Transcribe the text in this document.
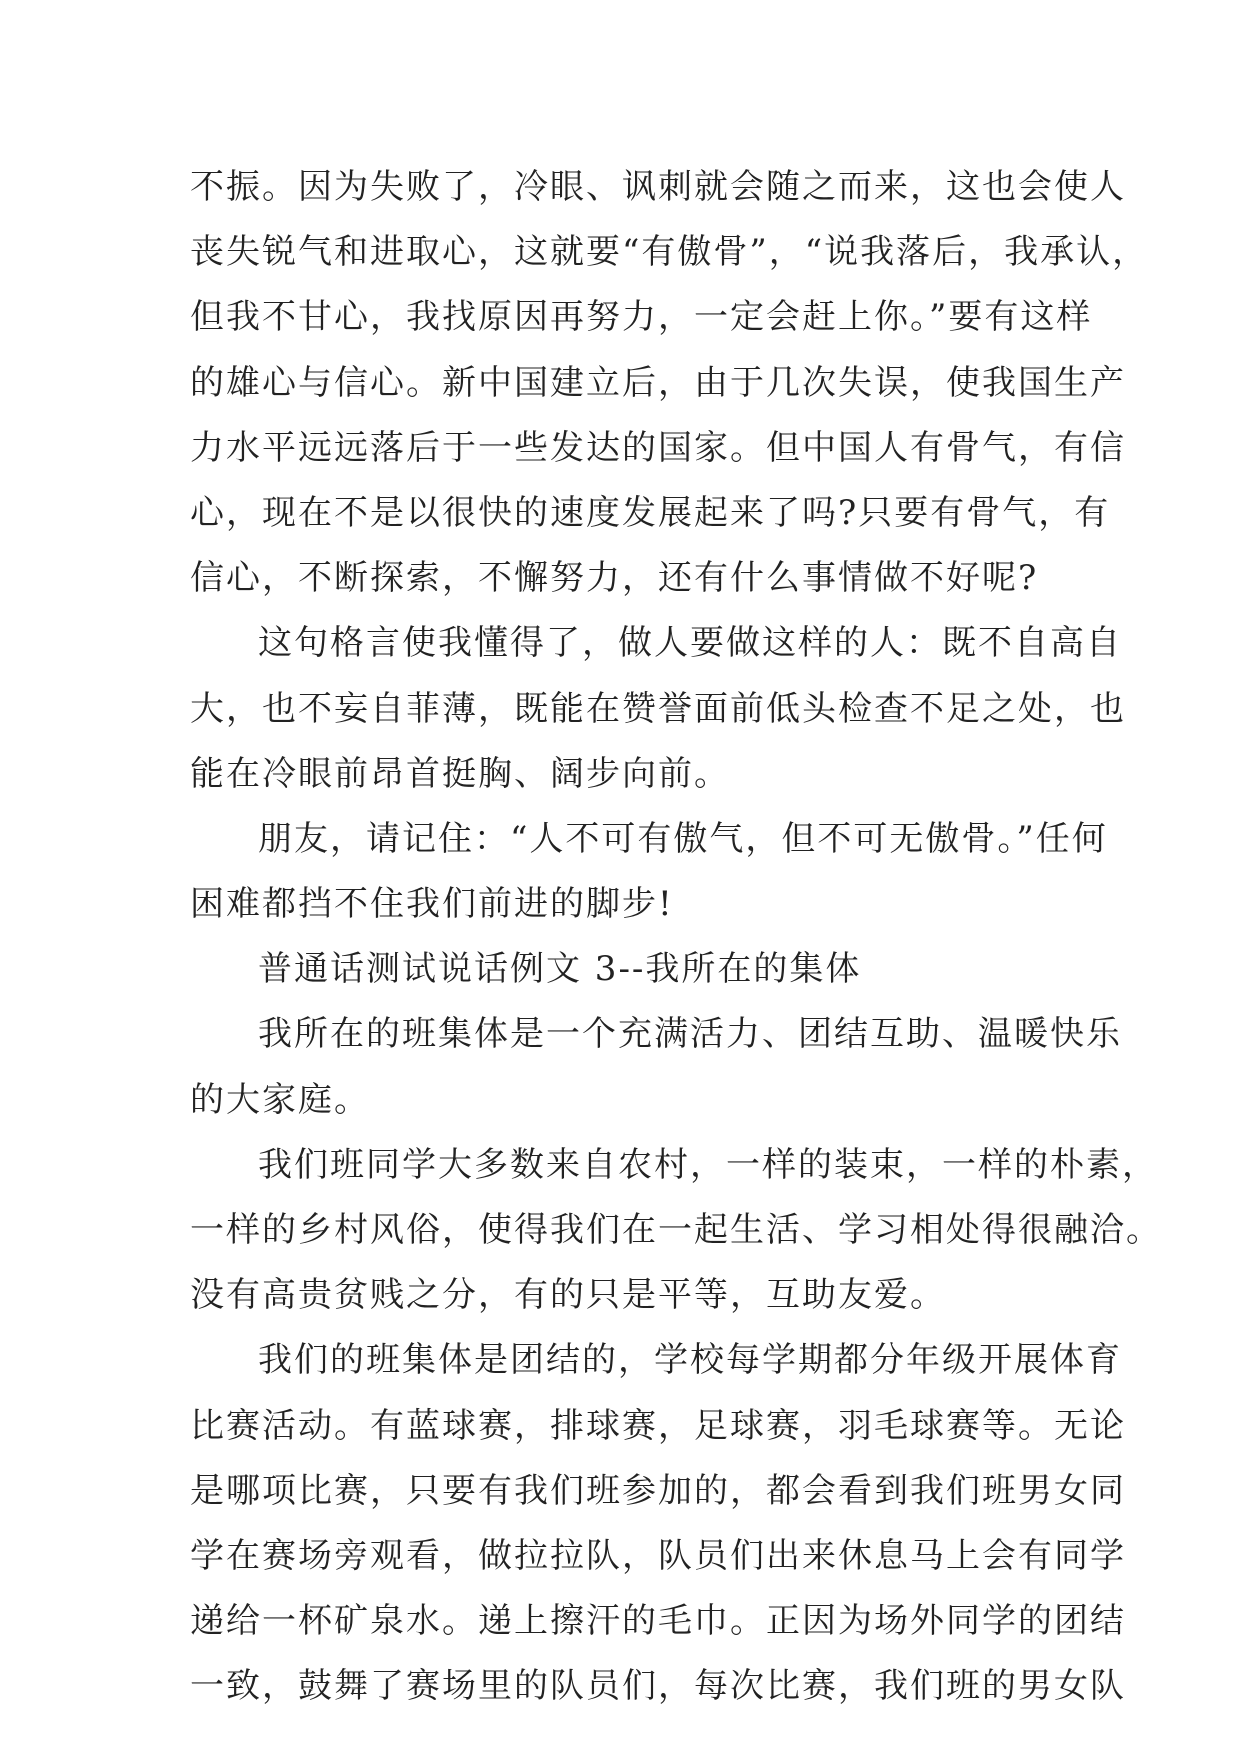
不振。因为失败了，冷眼、讽刺就会随之而来，这也会使人
丧失锐气和进取心，这就要“有傲骨”，“说我落后，我承认，
但我不甘心，我找原因再努力，一定会赶上你。”要有这样
的雄心与信心。新中国建立后，由于几次失误，使我国生产
力水平远远落后于一些发达的国家。但中国人有骨气，有信
心，现在不是以很快的速度发展起来了吗?只要有骨气，有
信心，不断探索，不懈努力，还有什么事情做不好呢?
这句格言使我懂得了，做人要做这样的人：既不自高自
大，也不妄自菲薄，既能在赞誉面前低头检查不足之处，也
能在冷眼前昂首挺胸、阔步向前。
朋友，请记住：“人不可有傲气，但不可无傲骨。”任何
困难都挡不住我们前进的脚步!
普通话测试说话例文 3--我所在的集体
我所在的班集体是一个充满活力、团结互助、温暖快乐
的大家庭。
我们班同学大多数来自农村，一样的装束，一样的朴素，
一样的乡村风俗，使得我们在一起生活、学习相处得很融洽。
没有高贵贫贱之分，有的只是平等，互助友爱。
我们的班集体是团结的，学校每学期都分年级开展体育
比赛活动。有蓝球赛，排球赛，足球赛，羽毛球赛等。无论
是哪项比赛，只要有我们班参加的，都会看到我们班男女同
学在赛场旁观看，做拉拉队，队员们出来休息马上会有同学
递给一杯矿泉水。递上擦汗的毛巾。正因为场外同学的团结
一致，鼓舞了赛场里的队员们，每次比赛，我们班的男女队
